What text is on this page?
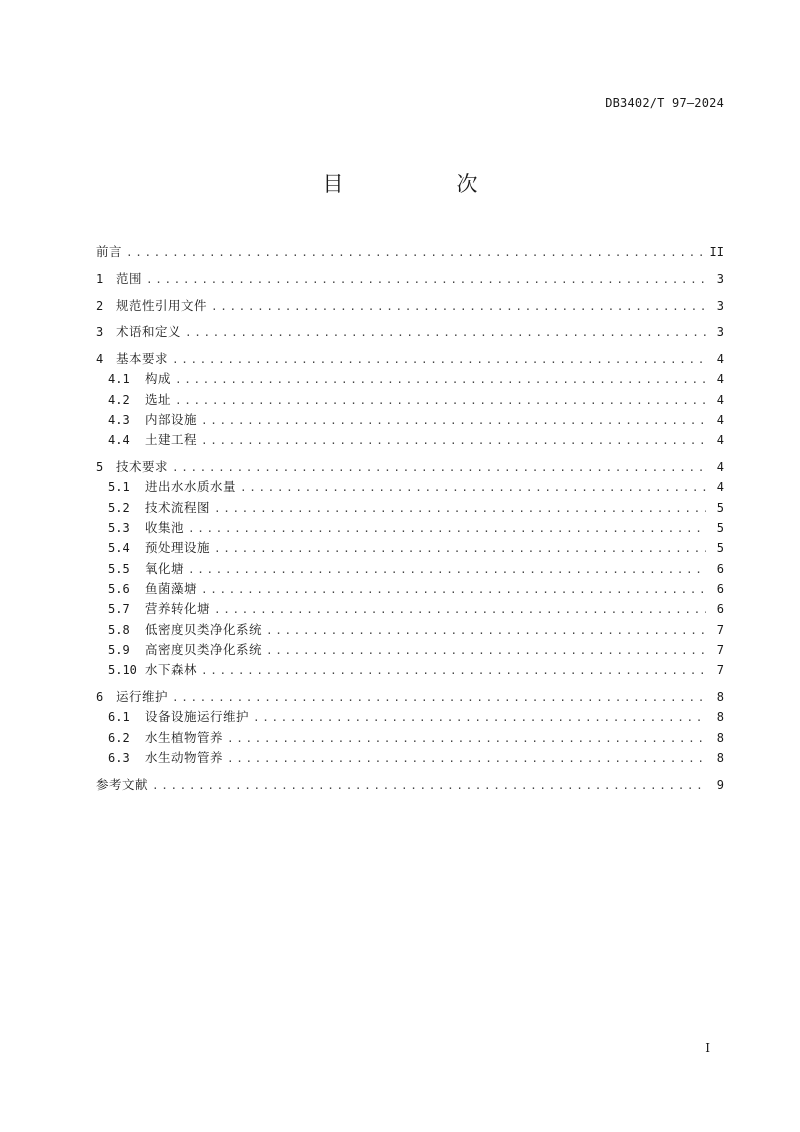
DB3402/T 97—2024
目　次
前言 .....	II
1	范围 .....	3
2	规范性引用文件 .....	3
3	术语和定义 .....	3
4	基本要求 .....	4
4.1	构成 .....	4
4.2	选址 .....	4
4.3	内部设施 .....	4
4.4	土建工程 .....	4
5	技术要求 .....	4
5.1	进出水水质水量 .....	4
5.2	技术流程图 .....	5
5.3	收集池 .....	5
5.4	预处理设施 .....	5
5.5	氧化塘 .....	6
5.6	鱼菌藻塘 .....	6
5.7	营养转化塘 .....	6
5.8	低密度贝类净化系统 .....	7
5.9	高密度贝类净化系统 .....	7
5.10 水下森林 .....	7
6	运行维护 .....	8
6.1	设备设施运行维护 .....	8
6.2	水生植物管养 .....	8
6.3	水生动物管养 .....	8
参考文献 .....	9
I
